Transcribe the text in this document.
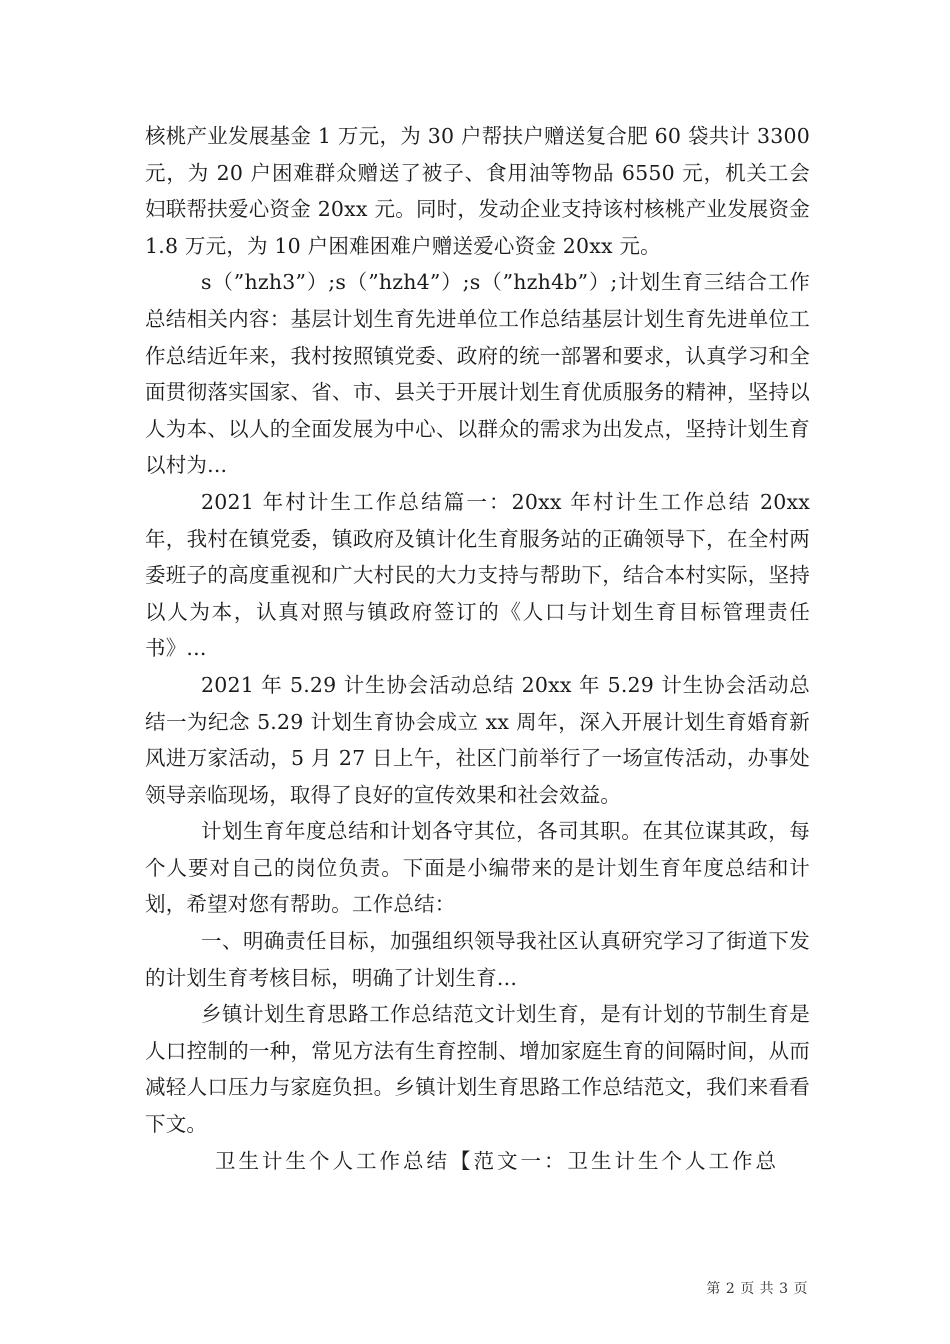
核桃产业发展基金 1 万元，为 30 户帮扶户赠送复合肥 60 袋共计 3300 元，为 20 户困难群众赠送了被子、食用油等物品 6550 元，机关工会妇联帮扶爱心资金 20xx 元。同时，发动企业支持该村核桃产业发展资金 1.8 万元，为 10 户困难困难户赠送爱心资金 20xx 元。

s（”hzh3”）;s（”hzh4”）;s（”hzh4b”）;计划生育三结合工作总结相关内容：基层计划生育先进单位工作总结基层计划生育先进单位工作总结近年来，我村按照镇党委、政府的统一部署和要求，认真学习和全面贯彻落实国家、省、市、县关于开展计划生育优质服务的精神，坚持以人为本、以人的全面发展为中心、以群众的需求为出发点，坚持计划生育以村为...

2021 年村计生工作总结篇一：20xx 年村计生工作总结 20xx 年，我村在镇党委，镇政府及镇计化生育服务站的正确领导下，在全村两委班子的高度重视和广大村民的大力支持与帮助下，结合本村实际，坚持以人为本，认真对照与镇政府签订的《人口与计划生育目标管理责任书》...

2021 年 5.29 计生协会活动总结 20xx 年 5.29 计生协会活动总结一为纪念 5.29 计划生育协会成立 xx 周年，深入开展计划生育婚育新风进万家活动，5 月 27 日上午，社区门前举行了一场宣传活动，办事处领导亲临现场，取得了良好的宣传效果和社会效益。

计划生育年度总结和计划各守其位，各司其职。在其位谋其政，每个人要对自己的岗位负责。下面是小编带来的是计划生育年度总结和计划，希望对您有帮助。工作总结：

一、明确责任目标，加强组织领导我社区认真研究学习了街道下发的计划生育考核目标，明确了计划生育...

乡镇计划生育思路工作总结范文计划生育，是有计划的节制生育是人口控制的一种，常见方法有生育控制、增加家庭生育的间隔时间，从而减轻人口压力与家庭负担。乡镇计划生育思路工作总结范文，我们来看看下文。

卫生计生个人工作总结【范文一：卫生计生个人工作总

第 2 页 共 3 页
